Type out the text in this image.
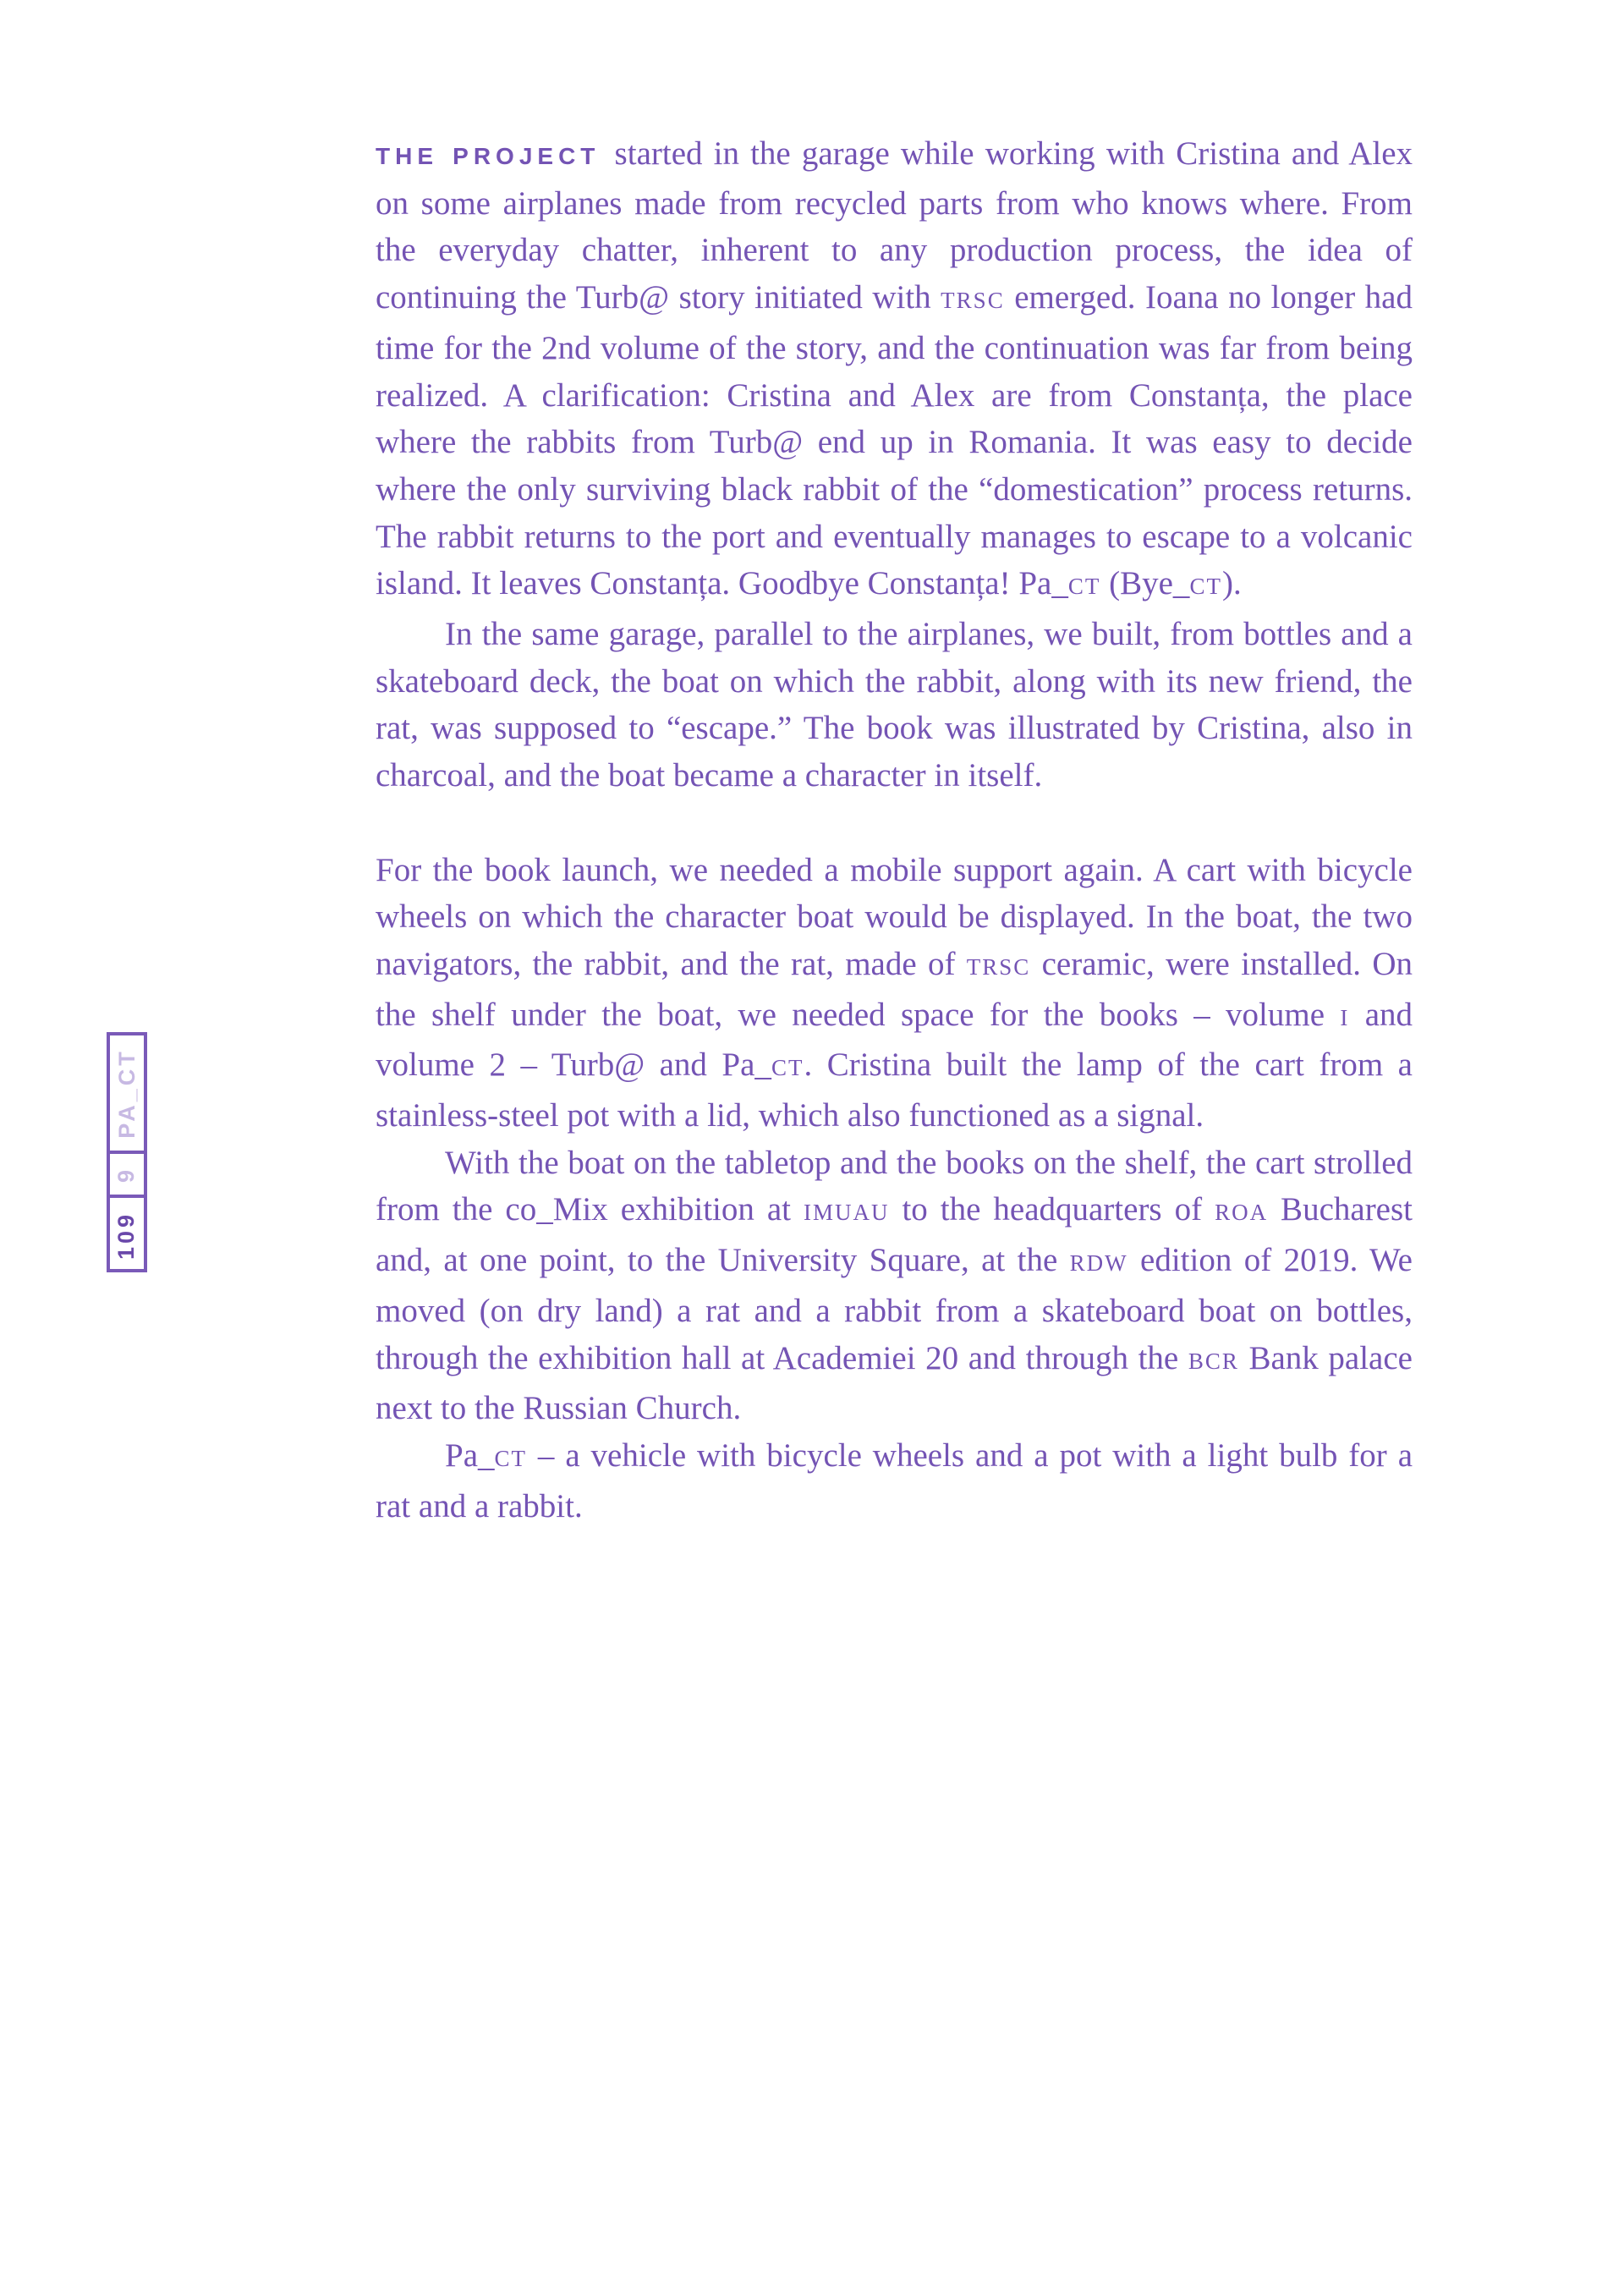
THE PROJECT started in the garage while working with Cristina and Alex on some airplanes made from recycled parts from who knows where. From the everyday chatter, inherent to any production process, the idea of continuing the Turb@ story initiated with TRSC emerged. Ioana no longer had time for the 2nd volume of the story, and the continuation was far from being realized. A clarification: Cristina and Alex are from Constanța, the place where the rabbits from Turb@ end up in Romania. It was easy to decide where the only surviving black rabbit of the “domestication” process returns. The rabbit returns to the port and eventually manages to escape to a volcanic island. It leaves Constanța. Goodbye Constanța! Pa_CT (Bye_CT).

In the same garage, parallel to the airplanes, we built, from bottles and a skateboard deck, the boat on which the rabbit, along with its new friend, the rat, was supposed to “escape.” The book was illustrated by Cristina, also in charcoal, and the boat became a character in itself.

For the book launch, we needed a mobile support again. A cart with bicycle wheels on which the character boat would be displayed. In the boat, the two navigators, the rabbit, and the rat, made of TRSC ceramic, were installed. On the shelf under the boat, we needed space for the books – volume I and volume 2 – Turb@ and Pa_CT. Cristina built the lamp of the cart from a stainless-steel pot with a lid, which also functioned as a signal.

With the boat on the tabletop and the books on the shelf, the cart strolled from the co_Mix exhibition at IMUAU to the headquarters of ROA Bucharest and, at one point, to the University Square, at the RDW edition of 2019. We moved (on dry land) a rat and a rabbit from a skateboard boat on bottles, through the exhibition hall at Academiei 20 and through the BCR Bank palace next to the Russian Church.

Pa_CT – a vehicle with bicycle wheels and a pot with a light bulb for a rat and a rabbit.

PA_CT
9
109
